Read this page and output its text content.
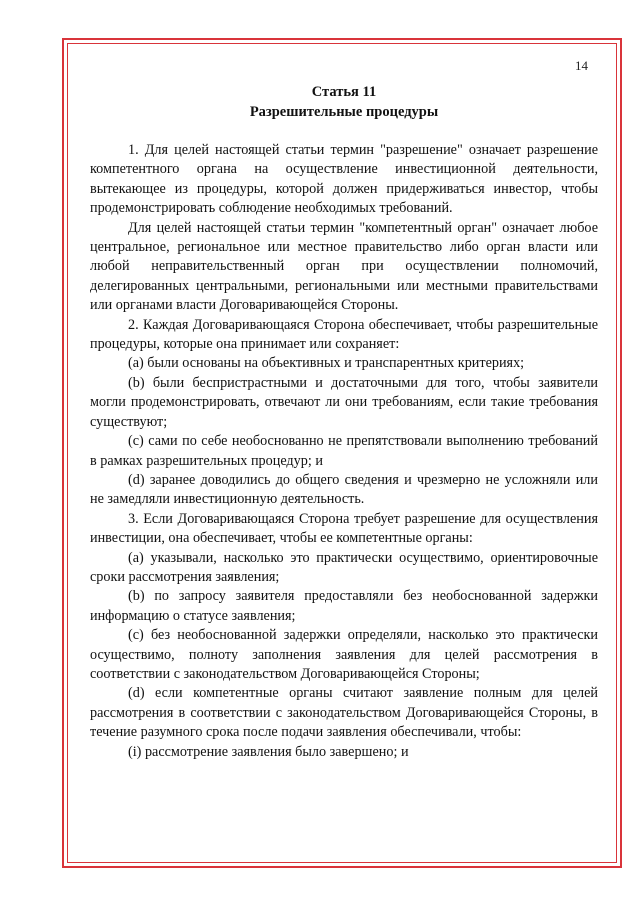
14
Статья 11
Разрешительные процедуры

1. Для целей настоящей статьи термин "разрешение" означает разрешение компетентного органа на осуществление инвестиционной деятельности, вытекающее из процедуры, которой должен придерживаться инвестор, чтобы продемонстрировать соблюдение необходимых требований.

Для целей настоящей статьи термин "компетентный орган" означает любое центральное, региональное или местное правительство либо орган власти или любой неправительственный орган при осуществлении полномочий, делегированных центральными, региональными или местными правительствами или органами власти Договаривающейся Стороны.

2. Каждая Договаривающаяся Сторона обеспечивает, чтобы разрешительные процедуры, которые она принимает или сохраняет:

(a) были основаны на объективных и транспарентных критериях;

(b) были беспристрастными и достаточными для того, чтобы заявители могли продемонстрировать, отвечают ли они требованиям, если такие требования существуют;

(c) сами по себе необоснованно не препятствовали выполнению требований в рамках разрешительных процедур; и

(d) заранее доводились до общего сведения и чрезмерно не усложняли или не замедляли инвестиционную деятельность.

3. Если Договаривающаяся Сторона требует разрешение для осуществления инвестиции, она обеспечивает, чтобы ее компетентные органы:

(a) указывали, насколько это практически осуществимо, ориентировочные сроки рассмотрения заявления;

(b) по запросу заявителя предоставляли без необоснованной задержки информацию о статусе заявления;

(c) без необоснованной задержки определяли, насколько это практически осуществимо, полноту заполнения заявления для целей рассмотрения в соответствии с законодательством Договаривающейся Стороны;

(d) если компетентные органы считают заявление полным для целей рассмотрения в соответствии с законодательством Договаривающейся Стороны, в течение разумного срока после подачи заявления обеспечивали, чтобы:

(i) рассмотрение заявления было завершено; и
